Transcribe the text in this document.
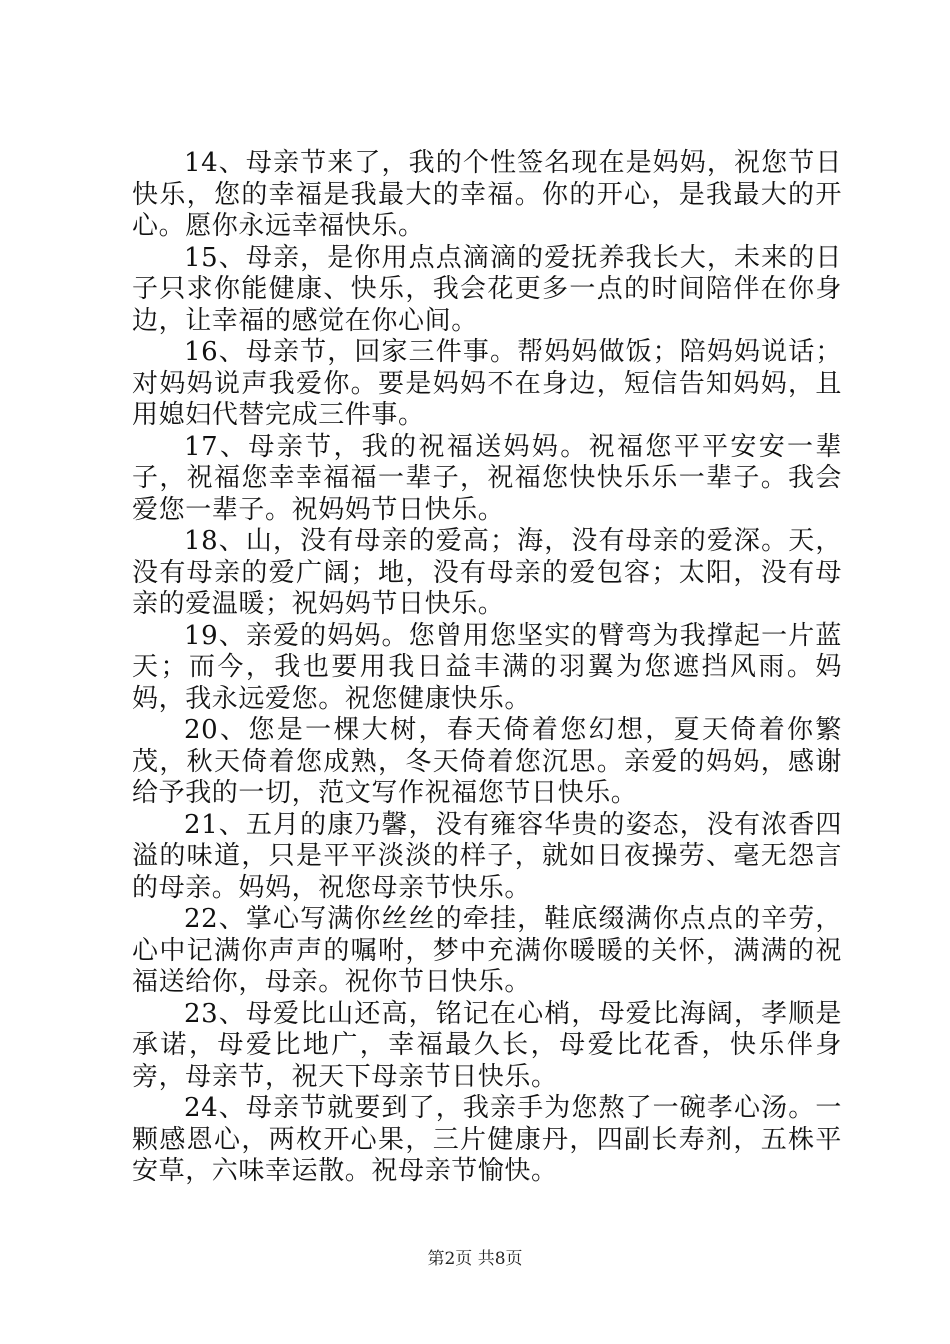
14、母亲节来了，我的个性签名现在是妈妈，祝您节日快乐，您的幸福是我最大的幸福。你的开心，是我最大的开心。愿你永远幸福快乐。

15、母亲，是你用点点滴滴的爱抚养我长大，未来的日子只求你能健康、快乐，我会花更多一点的时间陪伴在你身边，让幸福的感觉在你心间。

16、母亲节，回家三件事。帮妈妈做饭；陪妈妈说话；对妈妈说声我爱你。要是妈妈不在身边，短信告知妈妈，且用媳妇代替完成三件事。

17、母亲节，我的祝福送妈妈。祝福您平平安安一辈子，祝福您幸幸福福一辈子，祝福您快快乐乐一辈子。我会爱您一辈子。祝妈妈节日快乐。

18、山，没有母亲的爱高；海，没有母亲的爱深。天，没有母亲的爱广阔；地，没有母亲的爱包容；太阳，没有母亲的爱温暖；祝妈妈节日快乐。

19、亲爱的妈妈。您曾用您坚实的臂弯为我撑起一片蓝天；而今，我也要用我日益丰满的羽翼为您遮挡风雨。妈妈，我永远爱您。祝您健康快乐。

20、您是一棵大树，春天倚着您幻想，夏天倚着你繁茂，秋天倚着您成熟，冬天倚着您沉思。亲爱的妈妈，感谢给予我的一切，范文写作祝福您节日快乐。

21、五月的康乃馨，没有雍容华贵的姿态，没有浓香四溢的味道，只是平平淡淡的样子，就如日夜操劳、毫无怨言的母亲。妈妈，祝您母亲节快乐。

22、掌心写满你丝丝的牵挂，鞋底缀满你点点的辛劳，心中记满你声声的嘱咐，梦中充满你暖暖的关怀，满满的祝福送给你，母亲。祝你节日快乐。

23、母爱比山还高，铭记在心梢，母爱比海阔，孝顺是承诺，母爱比地广，幸福最久长，母爱比花香，快乐伴身旁，母亲节，祝天下母亲节日快乐。

24、母亲节就要到了，我亲手为您熬了一碗孝心汤。一颗感恩心，两枚开心果，三片健康丹，四副长寿剂，五株平安草，六味幸运散。祝母亲节愉快。

第2页 共8页
